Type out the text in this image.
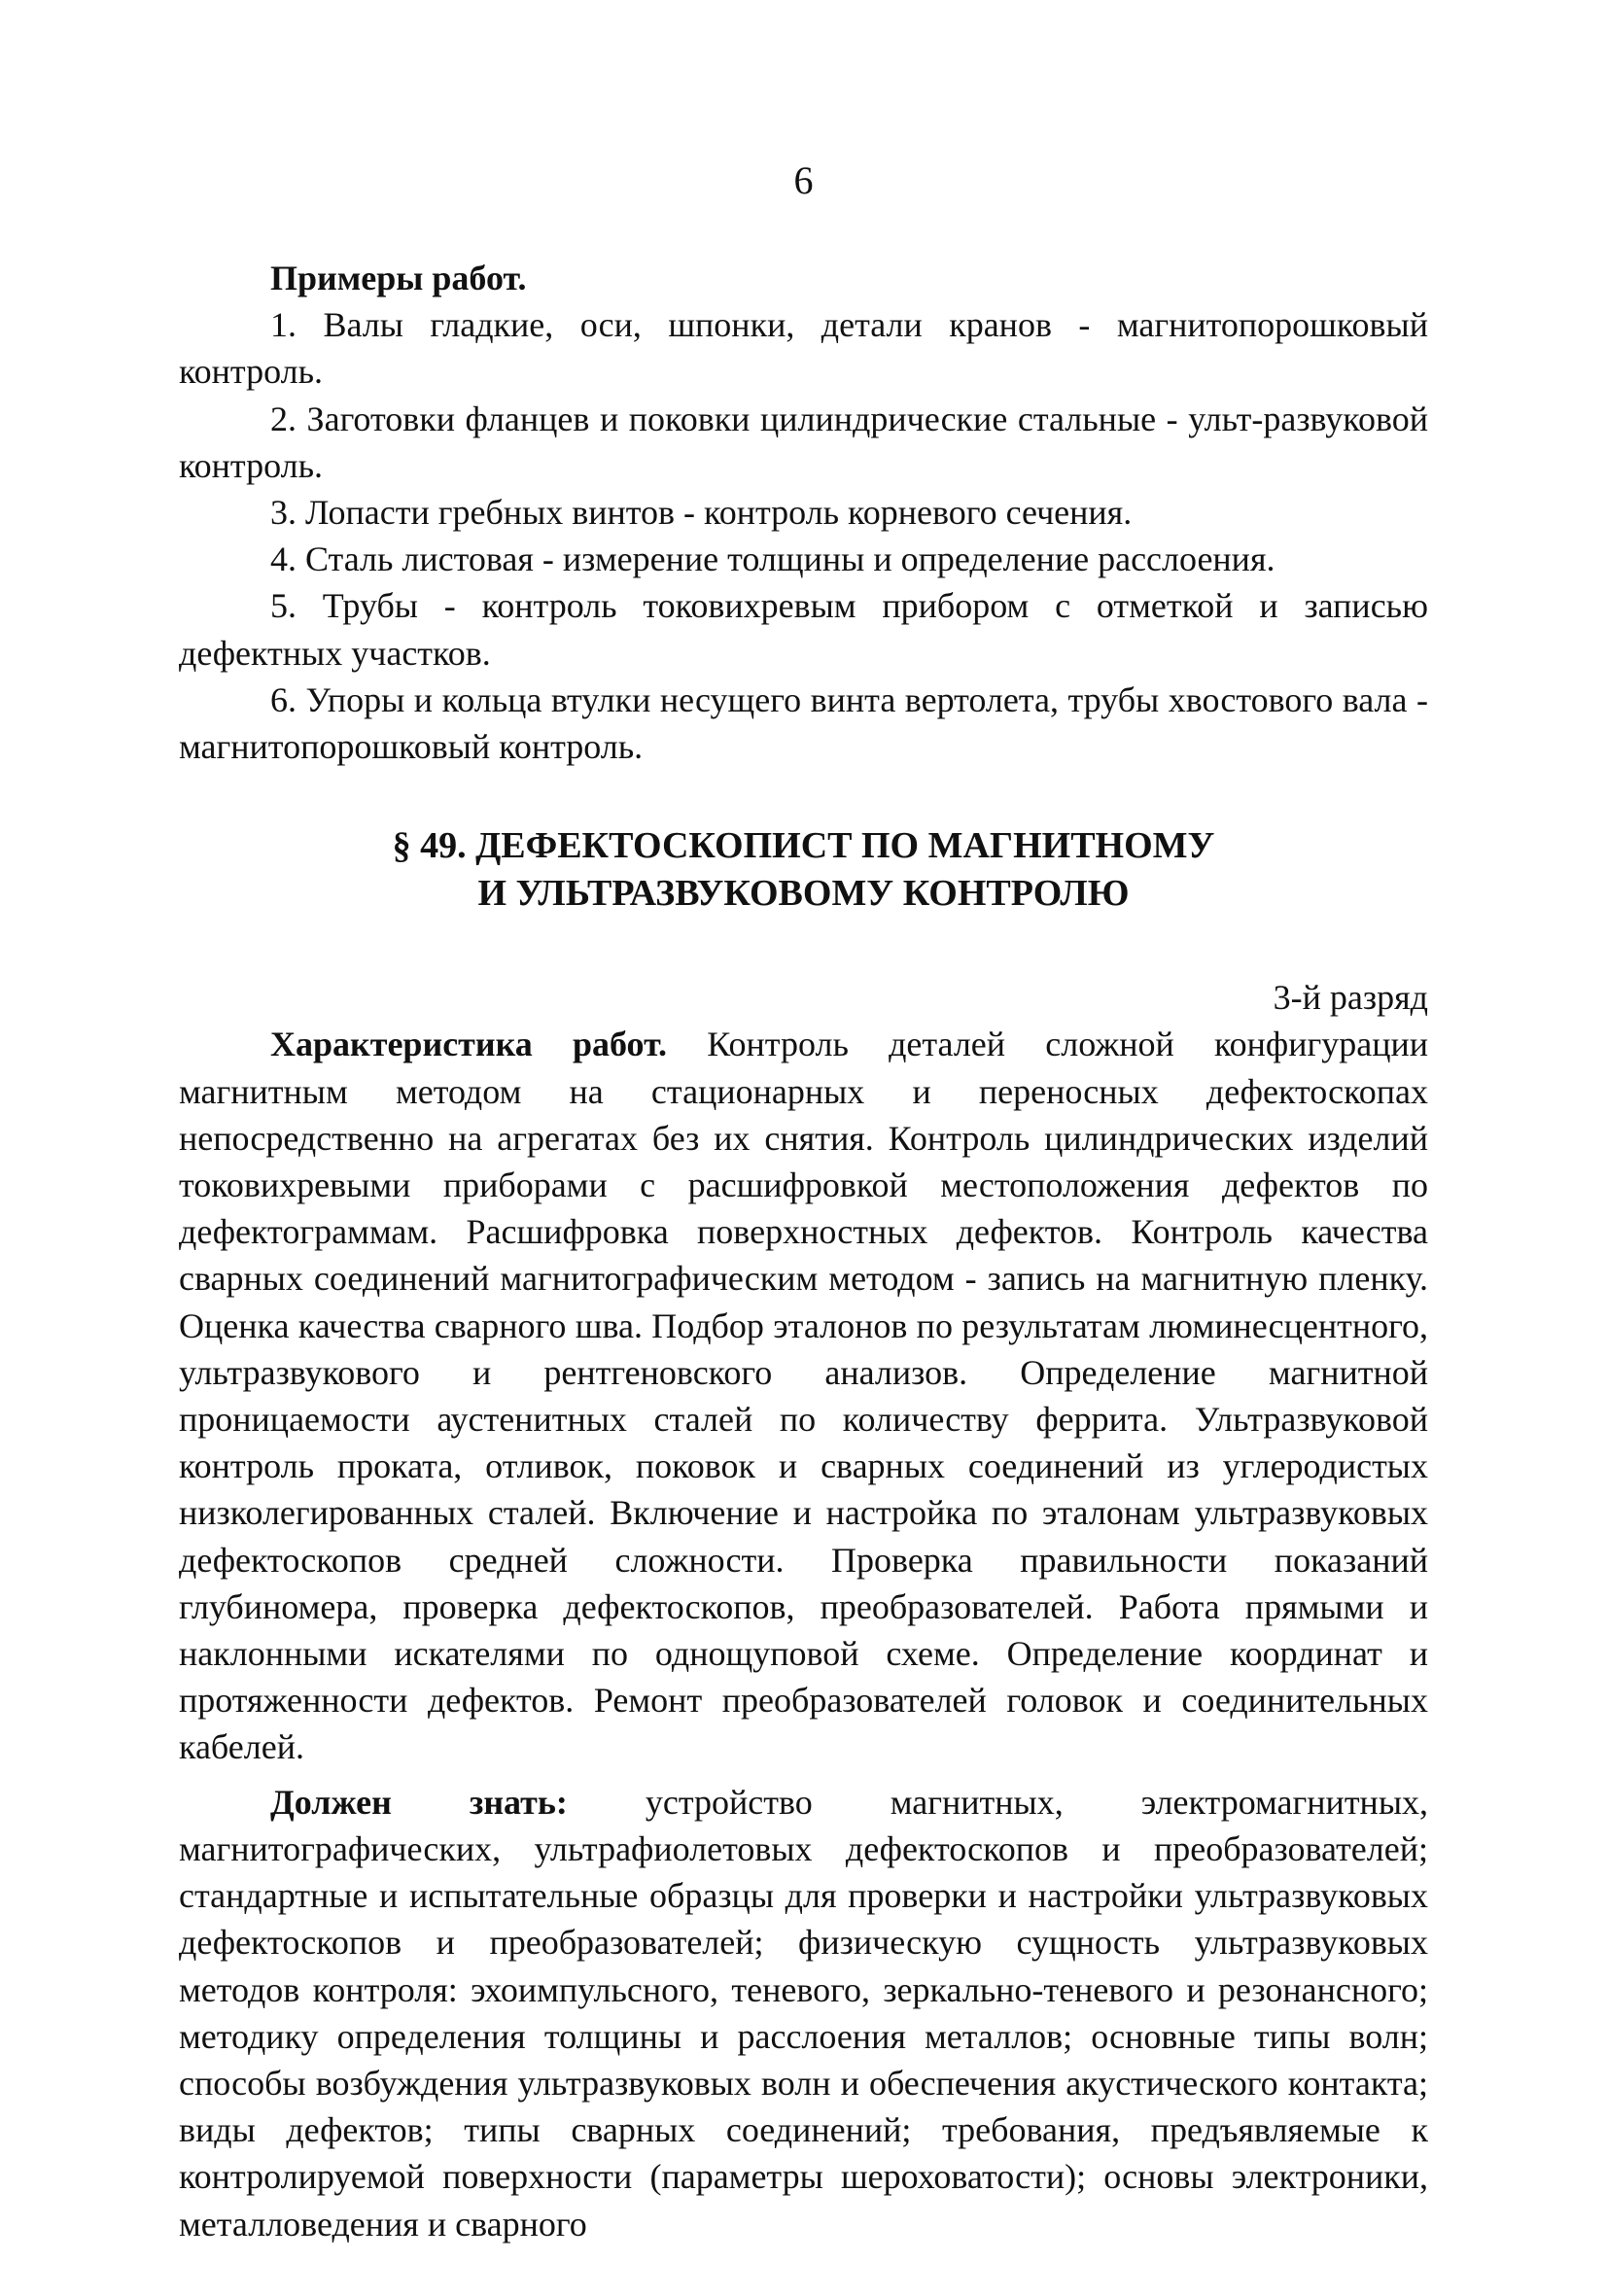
6

Примеры работ.

1. Валы гладкие, оси, шпонки, детали кранов - магнитопорошковый контроль.

2. Заготовки фланцев и поковки цилиндрические стальные - ульт-развуковой контроль.

3. Лопасти гребных винтов - контроль корневого сечения.

4. Сталь листовая - измерение толщины и определение расслоения.

5. Трубы - контроль токовихревым прибором с отметкой и записью дефектных участков.

6. Упоры и кольца втулки несущего винта вертолета, трубы хвостового вала - магнитопорошковый контроль.

§ 49. ДЕФЕКТОСКОПИСТ ПО МАГНИТНОМУ
И УЛЬТРАЗВУКОВОМУ КОНТРОЛЮ

3-й разряд

Характеристика работ. Контроль деталей сложной конфигурации магнитным методом на стационарных и переносных дефектоскопах непосредственно на агрегатах без их снятия. Контроль цилиндрических изделий токовихревыми приборами с расшифровкой местоположения дефектов по дефектограммам. Расшифровка поверхностных дефектов. Контроль качества сварных соединений магнитографическим методом - запись на магнитную пленку. Оценка качества сварного шва. Подбор эталонов по результатам люминесцентного, ультразвукового и рентгеновского анализов. Определение магнитной проницаемости аустенитных сталей по количеству феррита. Ультразвуковой контроль проката, отливок, поковок и сварных соединений из углеродистых низколегированных сталей. Включение и настройка по эталонам ультразвуковых дефектоскопов средней сложности. Проверка правильности показаний глубиномера, проверка дефектоскопов, преобразователей. Работа прямыми и наклонными искателями по однощуповой схеме. Определение координат и протяженности дефектов. Ремонт преобразователей головок и соединительных кабелей.

Должен знать: устройство магнитных, электромагнитных, магнитографических, ультрафиолетовых дефектоскопов и преобразователей; стандартные и испытательные образцы для проверки и настройки ультразвуковых дефектоскопов и преобразователей; физическую сущность ультразвуковых методов контроля: эхоимпульсного, теневого, зеркально-теневого и резонансного; методику определения толщины и расслоения металлов; основные типы волн; способы возбуждения ультразвуковых волн и обеспечения акустического контакта; виды дефектов; типы сварных соединений; требования, предъявляемые к контролируемой поверхности (параметры шероховатости); основы электроники, металловедения и сварного
